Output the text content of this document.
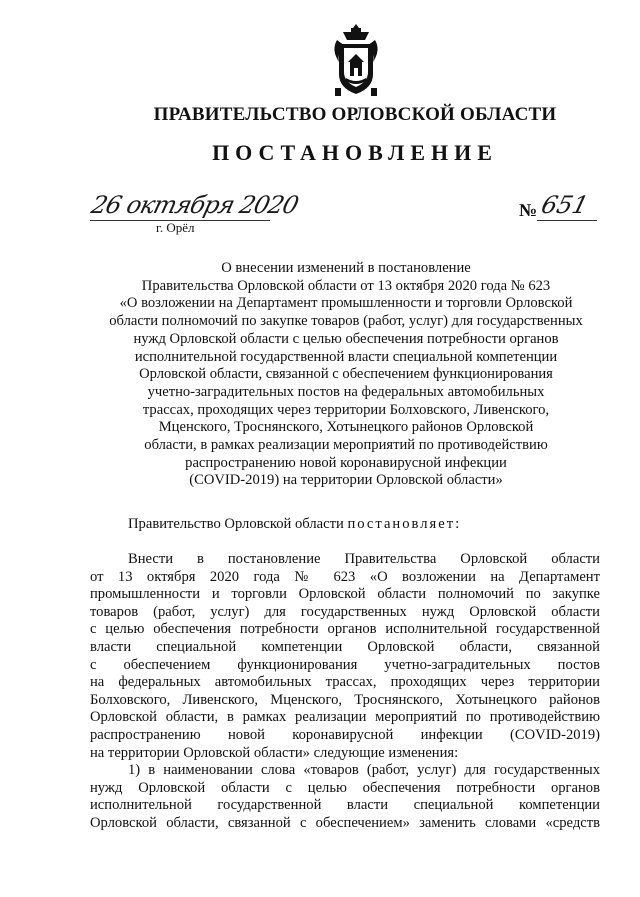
ПРАВИТЕЛЬСТВО ОРЛОВСКОЙ ОБЛАСТИ
ПОСТАНОВЛЕНИЕ
26 октября 2020
г. Орёл
№ 651
О внесении изменений в постановление
Правительства Орловской области от 13 октября 2020 года № 623
«О возложении на Департамент промышленности и торговли Орловской
области полномочий по закупке товаров (работ, услуг) для государственных
нужд Орловской области с целью обеспечения потребности органов
исполнительной государственной власти специальной компетенции
Орловской области, связанной с обеспечением функционирования
учетно-заградительных постов на федеральных автомобильных
трассах, проходящих через территории Болховского, Ливенского,
Мценского, Троснянского, Хотынецкого районов Орловской
области, в рамках реализации мероприятий по противодействию
распространению новой коронавирусной инфекции
(COVID-2019) на территории Орловской области»
Правительство Орловской области постановляет:
Внести в постановление Правительства Орловской области
от 13 октября 2020 года № 623 «О возложении на Департамент
промышленности и торговли Орловской области полномочий по закупке
товаров (работ, услуг) для государственных нужд Орловской области
с целью обеспечения потребности органов исполнительной государственной
власти специальной компетенции Орловской области, связанной
с обеспечением функционирования учетно-заградительных постов
на федеральных автомобильных трассах, проходящих через территории
Болховского, Ливенского, Мценского, Троснянского, Хотынецкого районов
Орловской области, в рамках реализации мероприятий по противодействию
распространению новой коронавирусной инфекции (COVID-2019)
на территории Орловской области» следующие изменения:
1) в наименовании слова «товаров (работ, услуг) для государственных
нужд Орловской области с целью обеспечения потребности органов
исполнительной государственной власти специальной компетенции
Орловской области, связанной с обеспечением» заменить словами «средств
